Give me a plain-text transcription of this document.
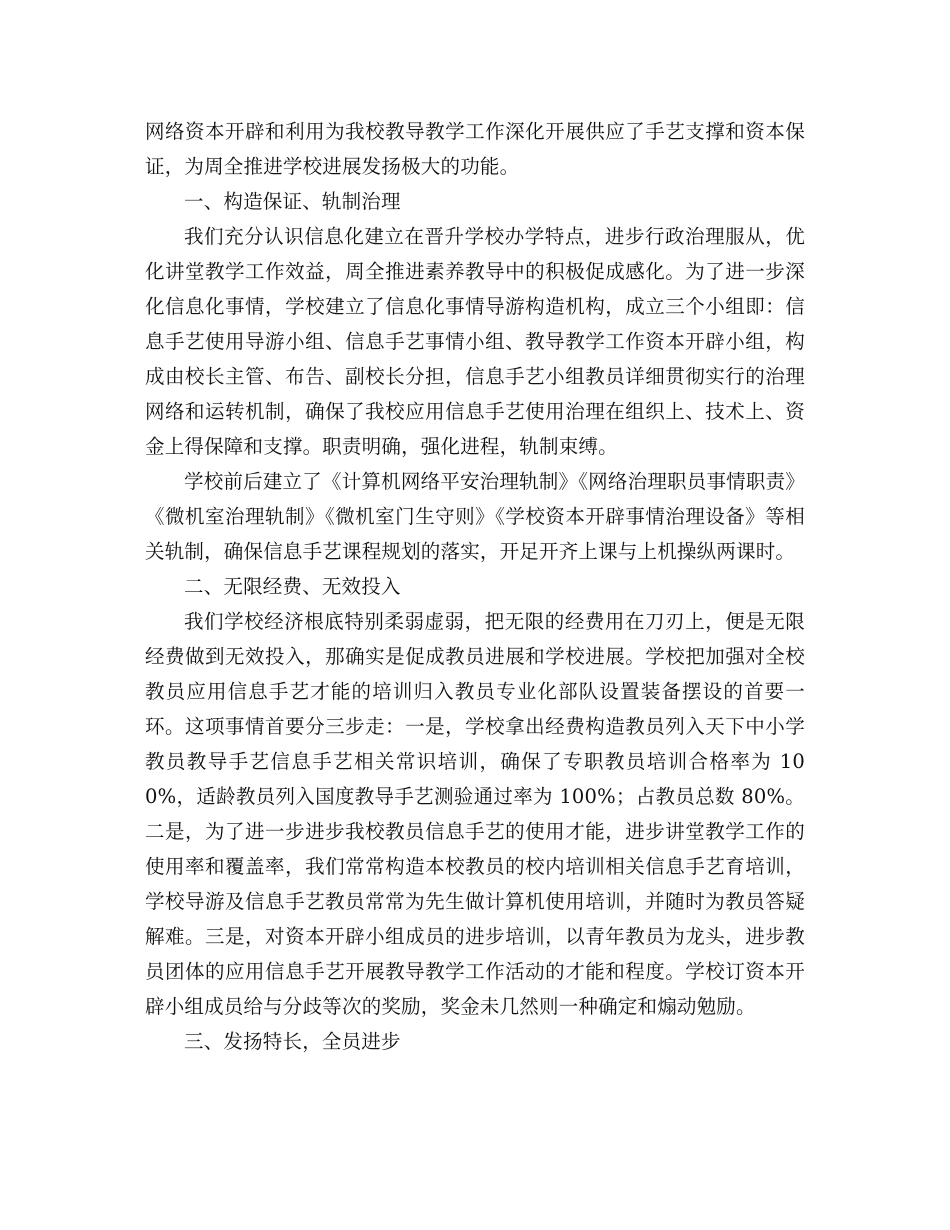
网络资本开辟和利用为我校教导教学工作深化开展供应了手艺支撑和资本保证，为周全推进学校进展发扬极大的功能。

一、构造保证、轨制治理

我们充分认识信息化建立在晋升学校办学特点，进步行政治理服从，优化讲堂教学工作效益，周全推进素养教导中的积极促成感化。为了进一步深化信息化事情，学校建立了信息化事情导游构造机构，成立三个小组即：信息手艺使用导游小组、信息手艺事情小组、教导教学工作资本开辟小组，构成由校长主管、布告、副校长分担，信息手艺小组教员详细贯彻实行的治理网络和运转机制，确保了我校应用信息手艺使用治理在组织上、技术上、资金上得保障和支撑。职责明确，强化进程，轨制束缚。

学校前后建立了《计算机网络平安治理轨制》《网络治理职员事情职责》《微机室治理轨制》《微机室门生守则》《学校资本开辟事情治理设备》等相关轨制，确保信息手艺课程规划的落实，开足开齐上课与上机操纵两课时。

二、无限经费、无效投入

我们学校经济根底特别柔弱虚弱，把无限的经费用在刀刃上，便是无限经费做到无效投入，那确实是促成教员进展和学校进展。学校把加强对全校教员应用信息手艺才能的培训归入教员专业化部队设置装备摆设的首要一环。这项事情首要分三步走：一是，学校拿出经费构造教员列入天下中小学教员教导手艺信息手艺相关常识培训，确保了专职教员培训合格率为 100%，适龄教员列入国度教导手艺测验通过率为 100%；占教员总数 80%。二是，为了进一步进步我校教员信息手艺的使用才能，进步讲堂教学工作的使用率和覆盖率，我们常常构造本校教员的校内培训相关信息手艺育培训，学校导游及信息手艺教员常常为先生做计算机使用培训，并随时为教员答疑解难。三是，对资本开辟小组成员的进步培训，以青年教员为龙头，进步教员团体的应用信息手艺开展教导教学工作活动的才能和程度。学校订资本开辟小组成员给与分歧等次的奖励，奖金未几然则一种确定和煽动勉励。

三、发扬特长，全员进步
